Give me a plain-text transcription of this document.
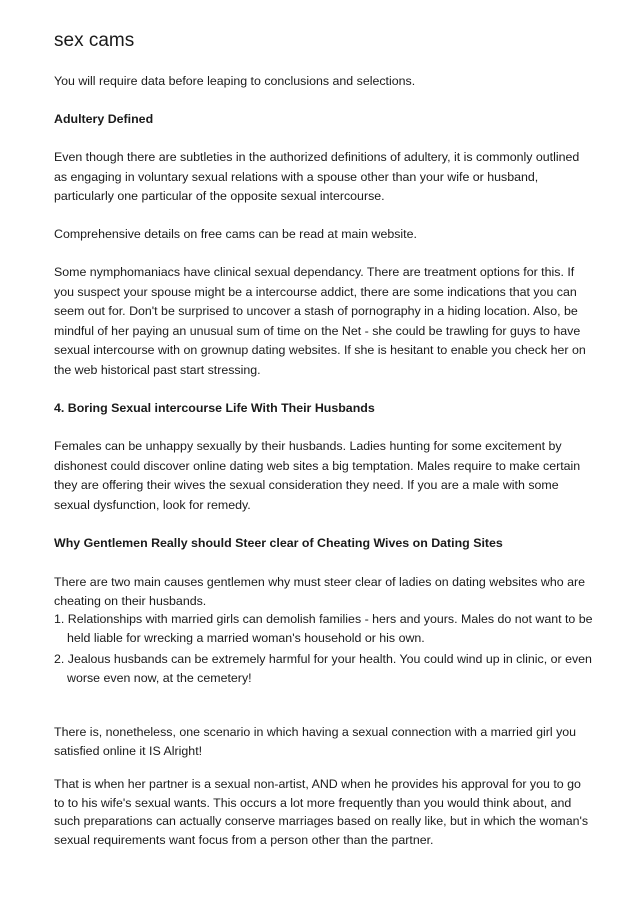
sex cams

You will require data before leaping to conclusions and selections.

Adultery Defined

Even though there are subtleties in the authorized definitions of adultery, it is commonly outlined as engaging in voluntary sexual relations with a spouse other than your wife or husband, particularly one particular of the opposite sexual intercourse.

Comprehensive details on free cams can be read at main website.

Some nymphomaniacs have clinical sexual dependancy. There are treatment options for this. If you suspect your spouse might be a intercourse addict, there are some indications that you can seem out for. Don't be surprised to uncover a stash of pornography in a hiding location. Also, be mindful of her paying an unusual sum of time on the Net - she could be trawling for guys to have sexual intercourse with on grownup dating websites. If she is hesitant to enable you check her on the web historical past start stressing.

4. Boring Sexual intercourse Life With Their Husbands

Females can be unhappy sexually by their husbands. Ladies hunting for some excitement by dishonest could discover online dating web sites a big temptation. Males require to make certain they are offering their wives the sexual consideration they need. If you are a male with some sexual dysfunction, look for remedy.

Why Gentlemen Really should Steer clear of Cheating Wives on Dating Sites

There are two main causes gentlemen why must steer clear of ladies on dating websites who are cheating on their husbands.

1. Relationships with married girls can demolish families - hers and yours. Males do not want to be held liable for wrecking a married woman's household or his own.
2. Jealous husbands can be extremely harmful for your health. You could wind up in clinic, or even worse even now, at the cemetery!

There is, nonetheless, one scenario in which having a sexual connection with a married girl you satisfied online it IS Alright!

That is when her partner is a sexual non-artist, AND when he provides his approval for you to go to to his wife's sexual wants. This occurs a lot more frequently than you would think about, and such preparations can actually conserve marriages based on really like, but in which the woman's sexual requirements want focus from a person other than the partner.
